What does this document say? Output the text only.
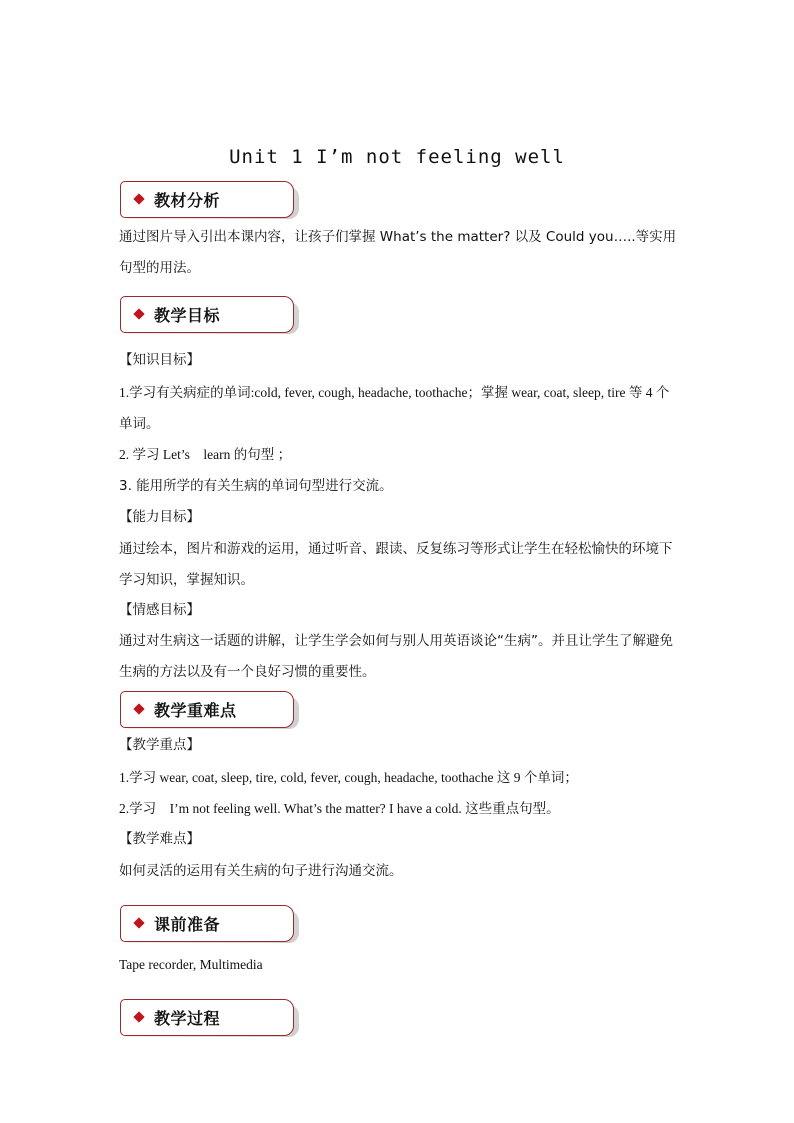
Unit 1 I’m not feeling well
教材分析
通过图片导入引出本课内容，让孩子们掌握 What’s the matter? 以及 Could you…..等实用句型的用法。
教学目标
【知识目标】
1.学习有关病症的单词:cold, fever, cough, headache, toothache；掌握 wear, coat, sleep, tire 等 4 个单词。
2. 学习 Let’s　learn 的句型 ；
3. 能用所学的有关生病的单词句型进行交流。
【能力目标】
通过绘本，图片和游戏的运用，通过听音、跟读、反复练习等形式让学生在轻松愉快的环境下学习知识，掌握知识。
【情感目标】
通过对生病这一话题的讲解，让学生学会如何与别人用英语谈论“生病”。并且让学生了解避免生病的方法以及有一个良好习惯的重要性。
教学重难点
【教学重点】
1.学习 wear, coat, sleep, tire, cold, fever, cough, headache, toothache 这 9 个单词；
2.学习　I’m not feeling well. What’s the matter? I have a cold. 这些重点句型。
【教学难点】
如何灵活的运用有关生病的句子进行沟通交流。
课前准备
Tape recorder, Multimedia
教学过程
